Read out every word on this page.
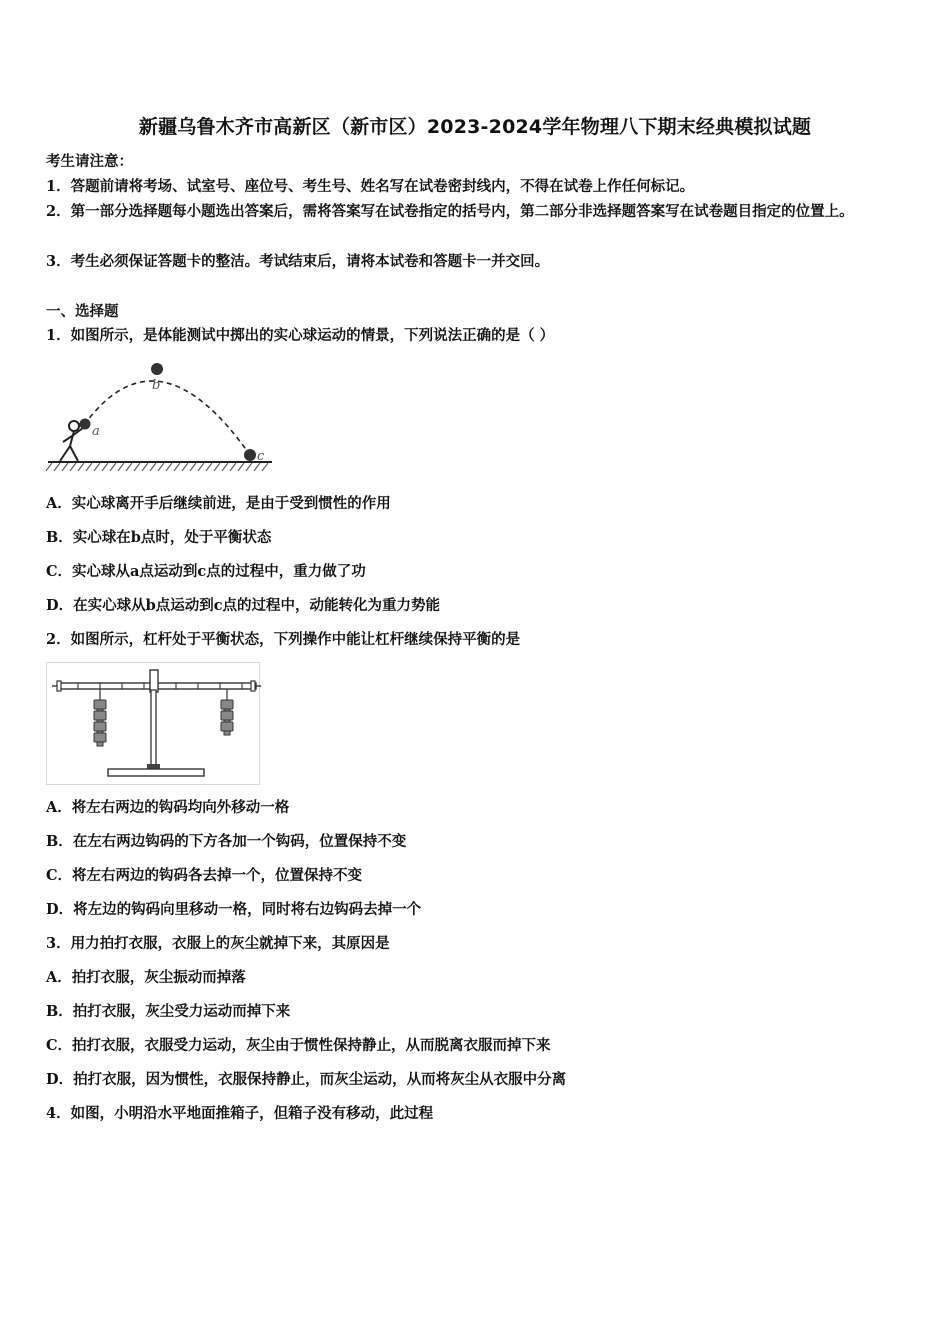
新疆乌鲁木齐市高新区（新市区）2023-2024学年物理八下期末经典模拟试题
考生请注意：
1．答题前请将考场、试室号、座位号、考生号、姓名写在试卷密封线内，不得在试卷上作任何标记。
2．第一部分选择题每小题选出答案后，需将答案写在试卷指定的括号内，第二部分非选择题答案写在试卷题目指定的位置上。
3．考生必须保证答题卡的整洁。考试结束后，请将本试卷和答题卡一并交回。
一、选择题
1．如图所示，是体能测试中掷出的实心球运动的情景，下列说法正确的是（ ）
a
b
c
A．实心球离开手后继续前进，是由于受到惯性的作用
B．实心球在b点时，处于平衡状态
C．实心球从a点运动到c点的过程中，重力做了功
D．在实心球从b点运动到c点的过程中，动能转化为重力势能
2．如图所示，杠杆处于平衡状态，下列操作中能让杠杆继续保持平衡的是
A．将左右两边的钩码均向外移动一格
B．在左右两边钩码的下方各加一个钩码，位置保持不变
C．将左右两边的钩码各去掉一个，位置保持不变
D．将左边的钩码向里移动一格，同时将右边钩码去掉一个
3．用力拍打衣服，衣服上的灰尘就掉下来，其原因是
A．拍打衣服，灰尘振动而掉落
B．拍打衣服，灰尘受力运动而掉下来
C．拍打衣服，衣服受力运动，灰尘由于惯性保持静止，从而脱离衣服而掉下来
D．拍打衣服，因为惯性，衣服保持静止，而灰尘运动，从而将灰尘从衣服中分离
4．如图，小明沿水平地面推箱子，但箱子没有移动，此过程
